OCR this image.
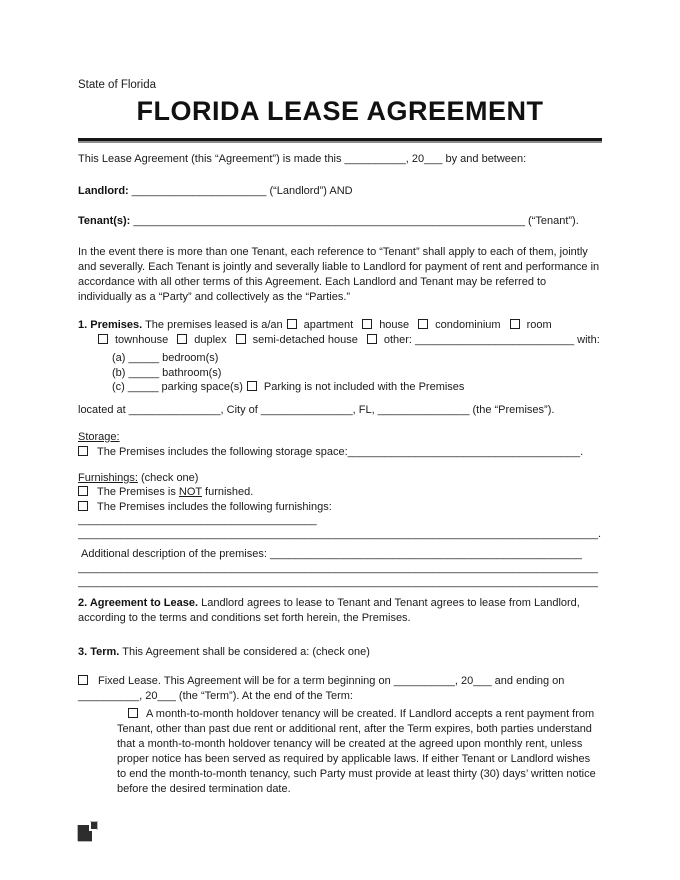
State of Florida
FLORIDA LEASE AGREEMENT
This Lease Agreement (this “Agreement”) is made this __________, 20___ by and between:
Landlord: ______________________ (“Landlord”) AND
Tenant(s): ________________________________________________________________ (“Tenant”).
In the event there is more than one Tenant, each reference to “Tenant” shall apply to each of them, jointly and severally. Each Tenant is jointly and severally liable to Landlord for payment of rent and performance in accordance with all other terms of this Agreement. Each Landlord and Tenant may be referred to individually as a “Party” and collectively as the “Parties.”
1. Premises. The premises leased is a/an apartment house condominium room
townhouse duplex semi-detached house other: __________________________ with:
(a) _____ bedroom(s)
(b) _____ bathroom(s)
(c) _____ parking space(s) Parking is not included with the Premises
located at _______________, City of _______________, FL, _______________ (the “Premises”).
Storage:
The Premises includes the following storage space:______________________________________.
Furnishings: (check one)
The Premises is NOT furnished.
The Premises includes the following furnishings:
_______________________________________
_____________________________________________________________________________________.
Additional description of the premises: ___________________________________________________
_____________________________________________________________________________________
_____________________________________________________________________________________
2. Agreement to Lease. Landlord agrees to lease to Tenant and Tenant agrees to lease from Landlord, according to the terms and conditions set forth herein, the Premises.
3. Term. This Agreement shall be considered a: (check one)
Fixed Lease. This Agreement will be for a term beginning on __________, 20___ and ending on
__________, 20___ (the “Term”). At the end of the Term:
A month-to-month holdover tenancy will be created. If Landlord accepts a rent payment from Tenant, other than past due rent or additional rent, after the Term expires, both parties understand that a month-to-month holdover tenancy will be created at the agreed upon monthly rent, unless proper notice has been served as required by applicable laws. If either Tenant or Landlord wishes to end the month-to-month tenancy, such Party must provide at least thirty (30) days’ written notice before the desired termination date.
